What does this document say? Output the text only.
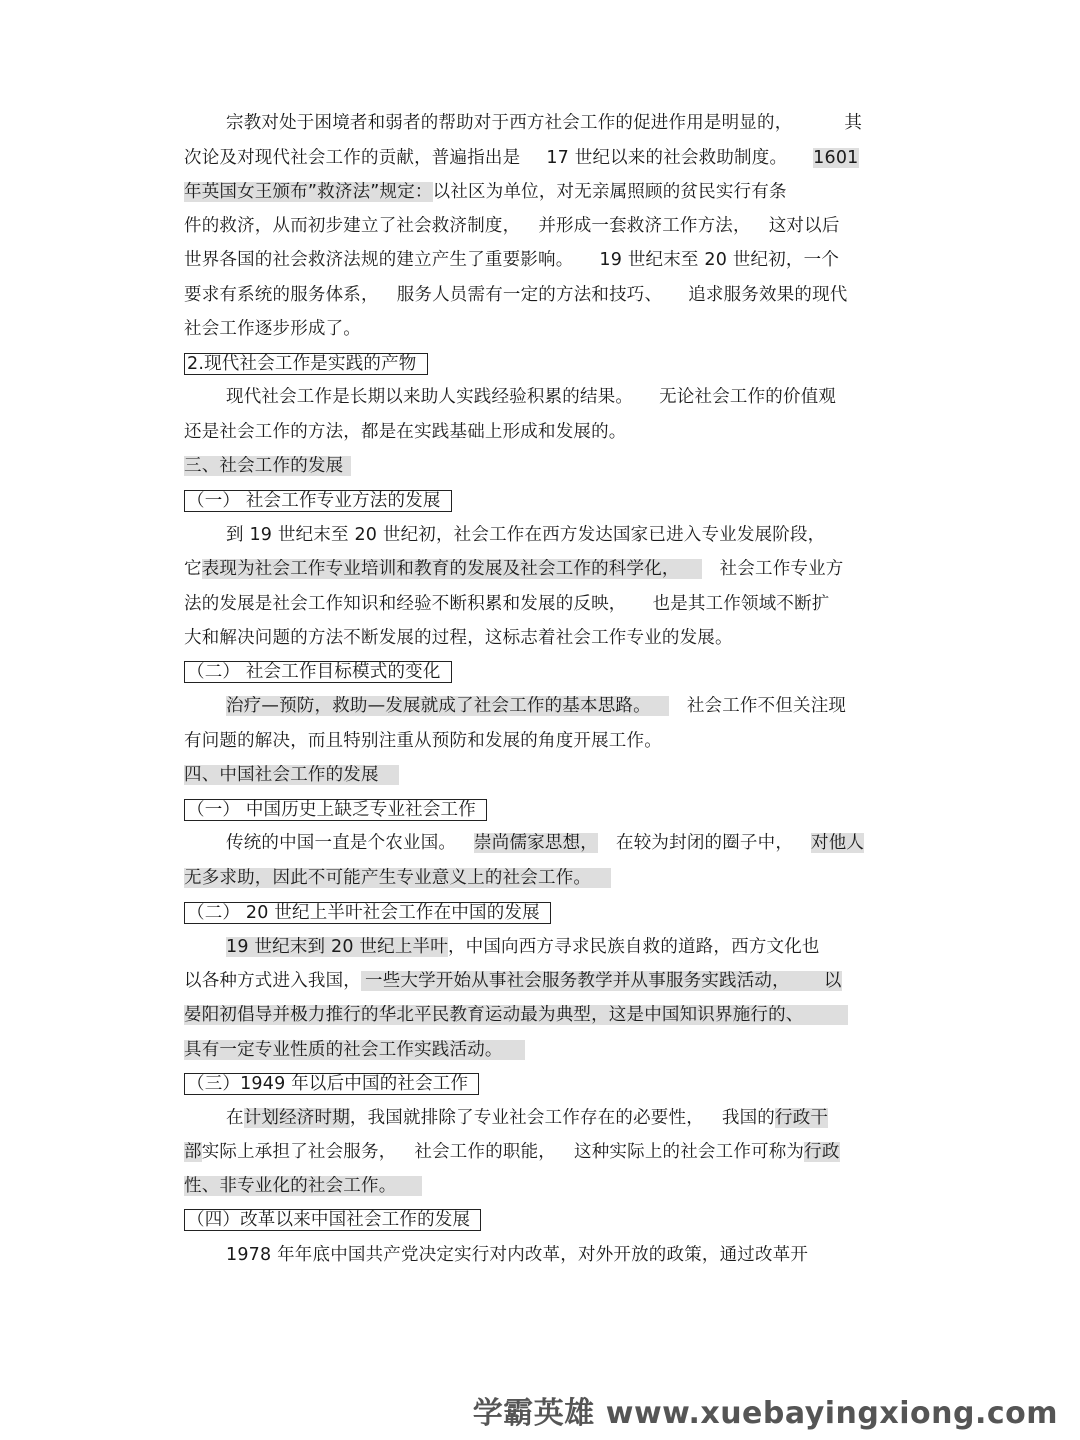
宗教对处于困境者和弱者的帮助对于西方社会工作的促进作用是明显的，	其
次论及对现代社会工作的贡献，普遍指出是 17 世纪以来的社会救助制度。 1601
年英国女王颁布”救济法”规定：以社区为单位，对无亲属照顾的贫民实行有条
件的救济，从而初步建立了社会救济制度， 并形成一套救济工作方法， 这对以后
世界各国的社会救济法规的建立产生了重要影响。 19 世纪末至 20 世纪初，一个
要求有系统的服务体系， 服务人员需有一定的方法和技巧、 追求服务效果的现代
社会工作逐步形成了。
2.现代社会工作是实践的产物
现代社会工作是长期以来助人实践经验积累的结果。 无论社会工作的价值观
还是社会工作的方法，都是在实践基础上形成和发展的。
三、社会工作的发展
（一） 社会工作专业方法的发展
到 19 世纪末至 20 世纪初，社会工作在西方发达国家已进入专业发展阶段，
它表现为社会工作专业培训和教育的发展及社会工作的科学化， 社会工作专业方
法的发展是社会工作知识和经验不断积累和发展的反映， 也是其工作领域不断扩
大和解决问题的方法不断发展的过程，这标志着社会工作专业的发展。
（二） 社会工作目标模式的变化
治疗—预防，救助—发展就成了社会工作的基本思路。 社会工作不但关注现
有问题的解决，而且特别注重从预防和发展的角度开展工作。
四、中国社会工作的发展
（一） 中国历史上缺乏专业社会工作
传统的中国一直是个农业国。 崇尚儒家思想， 在较为封闭的圈子中， 对他人
无多求助，因此不可能产生专业意义上的社会工作。
（二） 20 世纪上半叶社会工作在中国的发展
19 世纪末到 20 世纪上半叶，中国向西方寻求民族自救的道路，西方文化也
以各种方式进入我国， 一些大学开始从事社会服务教学并从事服务实践活动， 以
晏阳初倡导并极力推行的华北平民教育运动最为典型，这是中国知识界施行的、
具有一定专业性质的社会工作实践活动。
（三）1949 年以后中国的社会工作
在计划经济时期，我国就排除了专业社会工作存在的必要性， 我国的行政干
部实际上承担了社会服务， 社会工作的职能， 这种实际上的社会工作可称为行政
性、非专业化的社会工作。
（四）改革以来中国社会工作的发展
1978 年年底中国共产党决定实行对内改革，对外开放的政策，通过改革开
学霸英雄 www.xuebayingxiong.com
